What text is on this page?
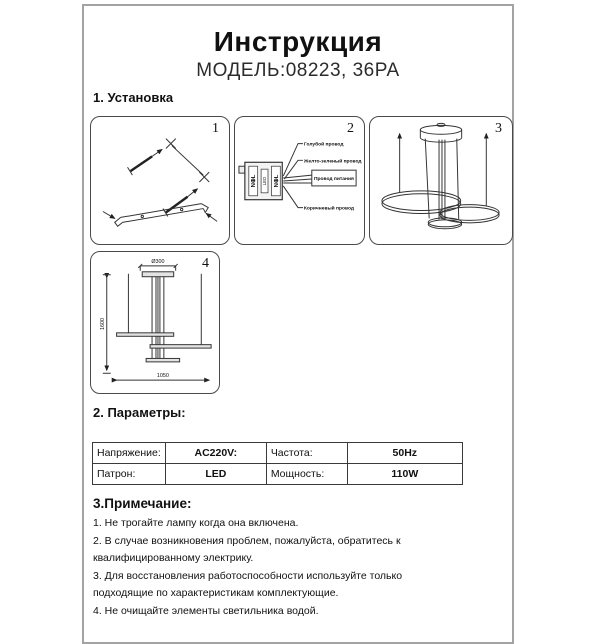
Инструкция
МОДЕЛЬ:08223, 36PA
1. Установка
1
N⊕L LED N⊕L
Голубой провод
Желто-зеленый провод
Провод питания
Коричневый провод
2	3
Ø300
1600
1050
4
2. Параметры:
Напряжение:	AC220V:	Частота:	50Hz
Патрон:	LED	Мощность:	110W
3.Примечание:

1. Не трогайте лампу когда она включена.

2. В случае возникновения проблем, пожалуйста, обратитесь к квалифицированному электрику.

3. Для восстановления работоспособности используйте только подходящие по характеристикам комплектующие.

4. Не очищайте элементы светильника водой.
